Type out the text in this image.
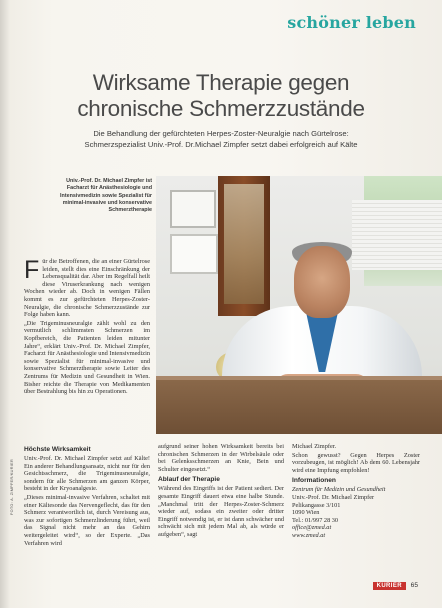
schöner leben
Wirksame Therapie gegen
chronische Schmerzzustände

Die Behandlung der gefürchteten Herpes-Zoster-Neuralgie nach Gürtelrose:
Schmerzspezialist Univ.-Prof. Dr.Michael Zimpfer setzt dabei erfolgreich auf Kälte

Univ.-Prof. Dr. Michael Zimpfer ist Facharzt für Anästhesiologie und Intensivmedizin sowie Spezialist für minimal-invasive und konservative Schmerztherapie

Für die Betroffenen, die an einer Gürtelrose leiden, stellt dies eine Einschränkung der Lebensqualität dar. Aber im Regelfall heilt diese Viruserkrankung nach wenigen Wochen wieder ab. Doch in wenigen Fällen kommt es zur gefürchteten Herpes-Zoster-Neuralgie, die chronische Schmerzzustände zur Folge haben kann.

„Die Trigeminusneuralgie zählt wohl zu den vermutlich schlimmsten Schmerzen im Kopfbereich, die Patienten leiden mitunter Jahre“, erklärt Univ.-Prof. Dr. Michael Zimpfer, Facharzt für Anästhesiologie und Intensivmedizin sowie Spezialist für minimal-invasive und konservative Schmerztherapie sowie Leiter des Zentrums für Medizin und Gesundheit in Wien. Bisher reichte die Therapie von Medikamenten über Bestrahlung bis hin zu Operationen.

Höchste Wirksamkeit

Univ.-Prof. Dr. Michael Zimpfer setzt auf Kälte! Ein anderer Behandlungsansatz, nicht nur für den Gesichtsschmerz, die Trigeminusneuralgie, sondern für alle Schmerzen am ganzen Körper, besteht in der Kryoanalgesie.

„Dieses minimal-invasive Verfahren, schaltet mit einer Kältesonde das Nervengeflecht, das für den Schmerz verantwortlich ist, durch Vereisung aus, was zur sofortigen Schmerzlinderung führt, weil das Signal nicht mehr an das Gehirn weitergeleitet wird“, so der Experte. „Das Verfahren wird

aufgrund seiner hohen Wirksamkeit bereits bei chronischen Schmerzen in der Wirbelsäule oder bei Gelenksschmerzen an Knie, Bein und Schulter eingesetzt.“

Ablauf der Therapie

Während des Eingriffs ist der Patient sediert. Der gesamte Eingriff dauert etwa eine halbe Stunde. „Manchmal tritt der Herpes-Zoster-Schmerz wieder auf, sodass ein zweiter oder dritter Eingriff notwendig ist, er ist dann schwächer und schwächt sich mit jedem Mal ab, als würde er aufgeben“, sagt

Michael Zimpfer.

Schon gewusst? Gegen Herpes Zoster vorzubeugen, ist möglich! Ab dem 60. Lebensjahr wird eine Impfung empfohlen!

Informationen

Zentrum für Medizin und Gesundheit
Univ.-Prof. Dr. Michael Zimpfer
Pelikangasse 3/101
1090 Wien
Tel.: 01/997 28 30
office@zmed.at
www.zmed.at

FOTO: A. ZIMPFER/KURIER
KURIER	65
